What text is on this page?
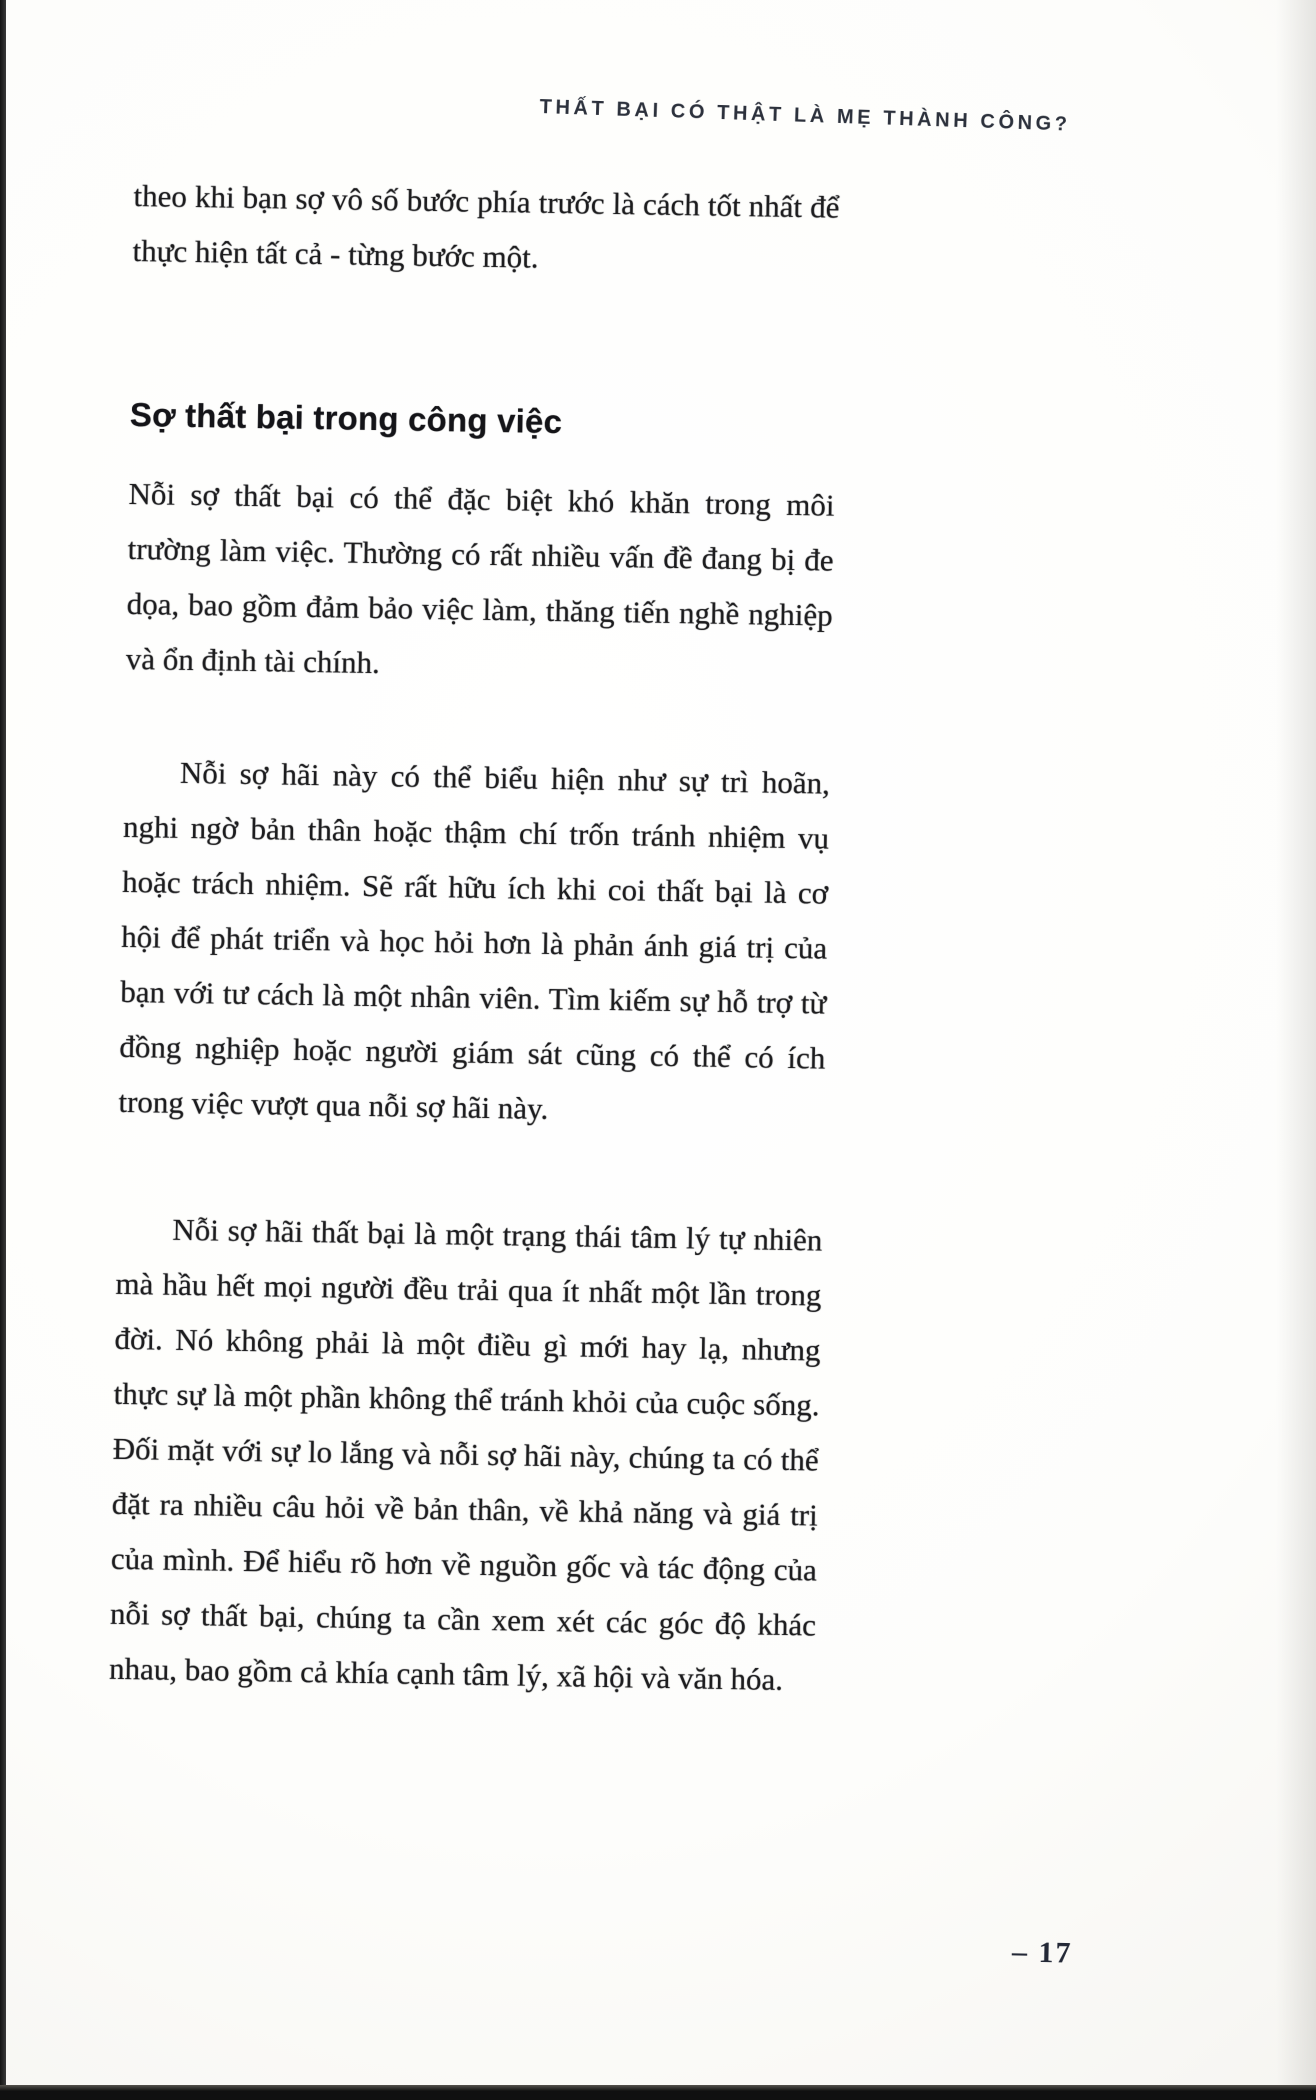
THẤT BẠI CÓ THẬT LÀ MẸ THÀNH CÔNG?

theo khi bạn sợ vô số bước phía trước là cách tốt nhất để thực hiện tất cả - từng bước một.

Sợ thất bại trong công việc

Nỗi sợ thất bại có thể đặc biệt khó khăn trong môi trường làm việc. Thường có rất nhiều vấn đề đang bị đe dọa, bao gồm đảm bảo việc làm, thăng tiến nghề nghiệp và ổn định tài chính.

Nỗi sợ hãi này có thể biểu hiện như sự trì hoãn, nghi ngờ bản thân hoặc thậm chí trốn tránh nhiệm vụ hoặc trách nhiệm. Sẽ rất hữu ích khi coi thất bại là cơ hội để phát triển và học hỏi hơn là phản ánh giá trị của bạn với tư cách là một nhân viên. Tìm kiếm sự hỗ trợ từ đồng nghiệp hoặc người giám sát cũng có thể có ích trong việc vượt qua nỗi sợ hãi này.

Nỗi sợ hãi thất bại là một trạng thái tâm lý tự nhiên mà hầu hết mọi người đều trải qua ít nhất một lần trong đời. Nó không phải là một điều gì mới hay lạ, nhưng thực sự là một phần không thể tránh khỏi của cuộc sống. Đối mặt với sự lo lắng và nỗi sợ hãi này, chúng ta có thể đặt ra nhiều câu hỏi về bản thân, về khả năng và giá trị của mình. Để hiểu rõ hơn về nguồn gốc và tác động của nỗi sợ thất bại, chúng ta cần xem xét các góc độ khác nhau, bao gồm cả khía cạnh tâm lý, xã hội và văn hóa.

– 17
